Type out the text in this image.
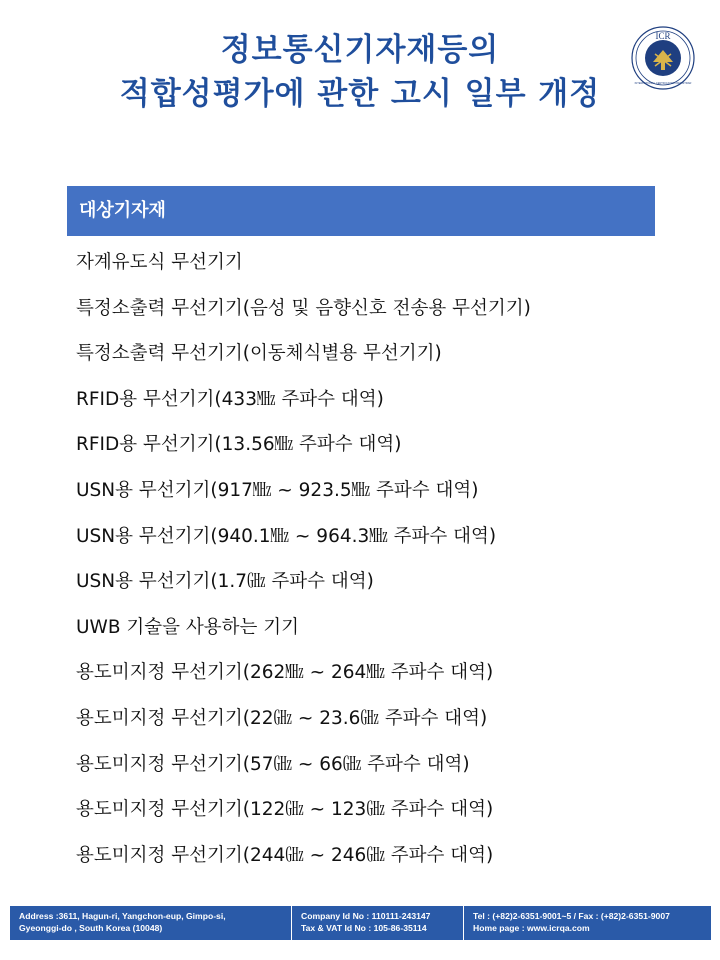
정보통신기자재등의
적합성평가에 관한 고시 일부 개정
ICR
INTERNATIONAL CERTIFICATION REGISTRAR
대상기자재
자계유도식 무선기기
특정소출력 무선기기(음성 및 음향신호 전송용 무선기기)
특정소출력 무선기기(이동체식별용 무선기기)
RFID용 무선기기(433㎒ 주파수 대역)
RFID용 무선기기(13.56㎒ 주파수 대역)
USN용 무선기기(917㎒ ~ 923.5㎒ 주파수 대역)
USN용 무선기기(940.1㎒ ~ 964.3㎒ 주파수 대역)
USN용 무선기기(1.7㎓ 주파수 대역)
UWB 기술을 사용하는 기기
용도미지정 무선기기(262㎒ ~ 264㎒ 주파수 대역)
용도미지정 무선기기(22㎓ ~ 23.6㎓ 주파수 대역)
용도미지정 무선기기(57㎓ ~ 66㎓ 주파수 대역)
용도미지정 무선기기(122㎓ ~ 123㎓ 주파수 대역)
용도미지정 무선기기(244㎓ ~ 246㎓ 주파수 대역)
Address :3611, Hagun-ri, Yangchon-eup, Gimpo-si,
Gyeonggi-do , South Korea (10048)
Company Id No : 110111-243147
Tax & VAT Id No : 105-86-35114
Tel : (+82)2-6351-9001~5 / Fax : (+82)2-6351-9007
Home page : www.icrqa.com
